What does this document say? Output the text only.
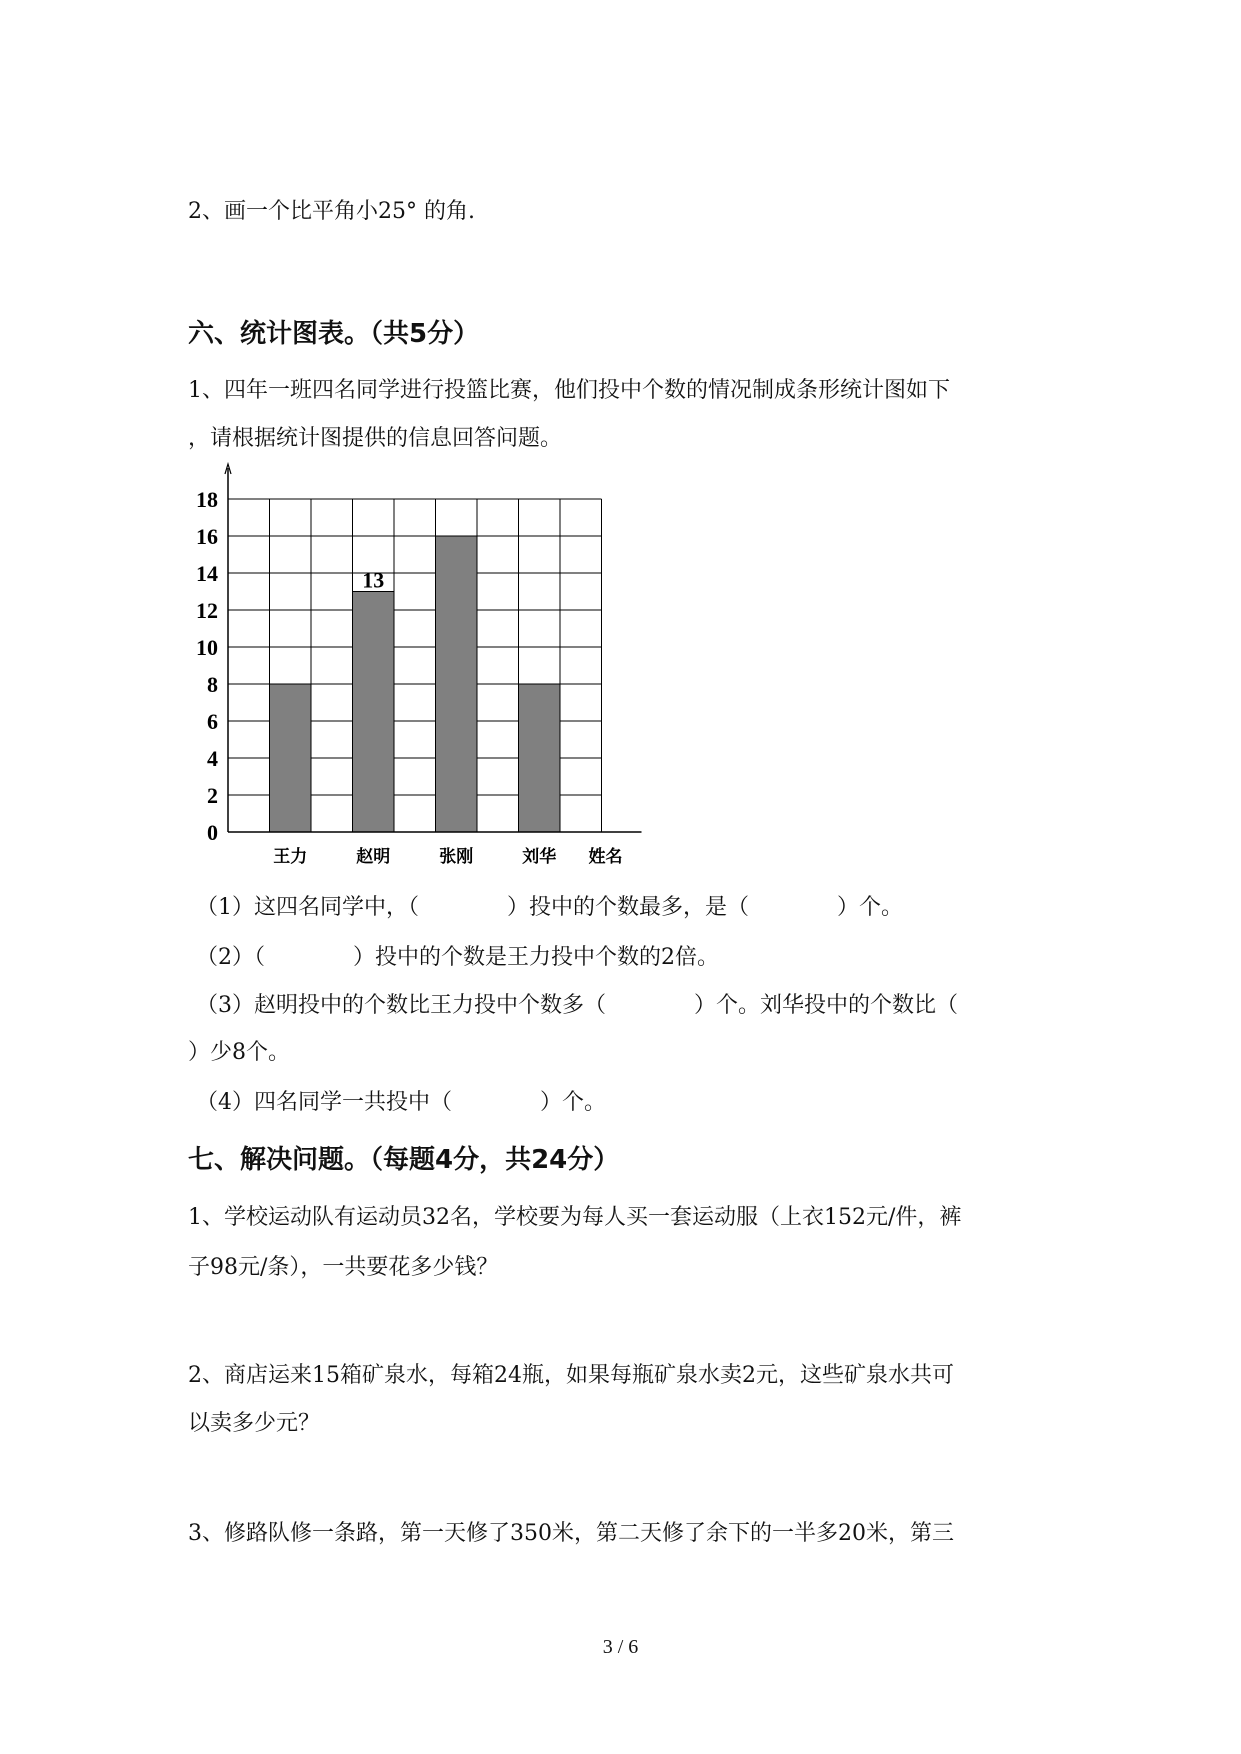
2、画一个比平角小25° 的角.
六、统计图表。（共5分）
1、四年一班四名同学进行投篮比赛，他们投中个数的情况制成条形统计图如下
，请根据统计图提供的信息回答问题。
王力	赵明
13
张刚	刘华 姓名
0
2
4
6
8
10
12
14
16
18
（1）这四名同学中，（　　　　）投中的个数最多，是（　　　　）个。
（2）（　　　　）投中的个数是王力投中个数的2倍。
（3）赵明投中的个数比王力投中个数多（　　　　）个。刘华投中的个数比（
）少8个。
（4）四名同学一共投中（　　　　）个。
七、解决问题。（每题4分，共24分）
1、学校运动队有运动员32名，学校要为每人买一套运动服（上衣152元/件，裤
子98元/条），一共要花多少钱？
2、商店运来15箱矿泉水，每箱24瓶，如果每瓶矿泉水卖2元，这些矿泉水共可
以卖多少元？
3、修路队修一条路，第一天修了350米，第二天修了余下的一半多20米，第三
3 / 6
